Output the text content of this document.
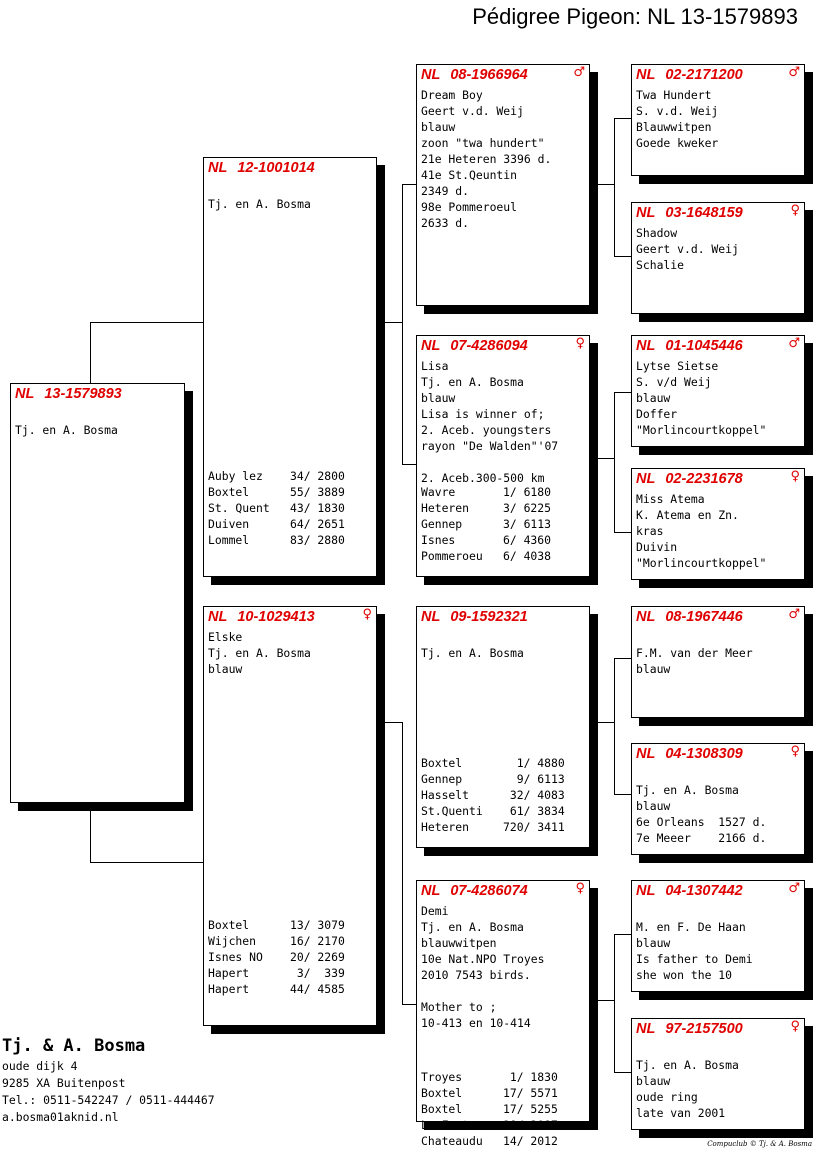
Pédigree Pigeon: NL 13-1579893
NL 13-1579893
Tj. en A. Bosma
NL 12-1001014
Tj. en A. Bosma
Auby lez 34/ 2800
Boxtel	55/ 3889
St. Quent 43/ 1830
Duiven	64/ 2651
Lommel	83/ 2880
NL 10-1029413	♀
Elske
Tj. en A. Bosma
blauw
Boxtel	13/ 3079
Wijchen	16/ 2170
Isnes NO 20/ 2269
Hapert	3/  339
Hapert	44/ 4585
NL 08-1966964	♂
Dream Boy
Geert v.d. Weij
blauw
zoon "twa hundert"
21e Heteren 3396 d.
41e St.Qeuntin
2349 d.
98e Pommeroeul
2633 d.
NL 07-4286094	♀
Lisa
Tj. en A. Bosma
blauw
Lisa is winner of;
2. Aceb. youngsters
rayon "De Walden"'07
2. Aceb.300-500 km
Wavre	1/ 6180
Heteren	3/ 6225
Gennep	3/ 6113
Isnes	6/ 4360
Pommeroeu 6/ 4038
NL 09-1592321
Tj. en A. Bosma
Boxtel	1/ 4880
Gennep	9/ 6113
Hasselt	32/ 4083
St.Quenti 61/ 3834
Heteren	720/ 3411
NL 07-4286074	♀
Demi
Tj. en A. Bosma
blauwwitpen
10e Nat.NPO Troyes
2010 7543 birds.
Mother to ;
10-413 en 10-414
Troyes	1/ 1830
Boxtel	17/ 5571
Boxtel	17/ 5255
La Ferte 18/ 3087
Chateaudu 14/ 2012
NL 02-2171200	♂
Twa Hundert
S. v.d. Weij
Blauwwitpen
Goede kweker
NL 03-1648159	♀
Shadow
Geert v.d. Weij
Schalie
NL 01-1045446	♂
Lytse Sietse
S. v/d Weij
blauw
Doffer
"Morlincourtkoppel"
NL 02-2231678	♀
Miss Atema
K. Atema en Zn.
kras
Duivin
"Morlincourtkoppel"
NL 08-1967446	♂
F.M. van der Meer
blauw
NL 04-1308309	♀
Tj. en A. Bosma
blauw
6e Orleans  1527 d.
7e Meeer    2166 d.
NL 04-1307442	♂
M. en F. De Haan
blauw
Is father to Demi
she won the 10
NL 97-2157500	♀
Tj. en A. Bosma
blauw
oude ring
late van 2001
Tj. & A. Bosma
oude dijk 4
9285 XA Buitenpost
Tel.: 0511-542247 / 0511-444467
a.bosma01aknid.nl
Compuclub © Tj. & A. Bosma
